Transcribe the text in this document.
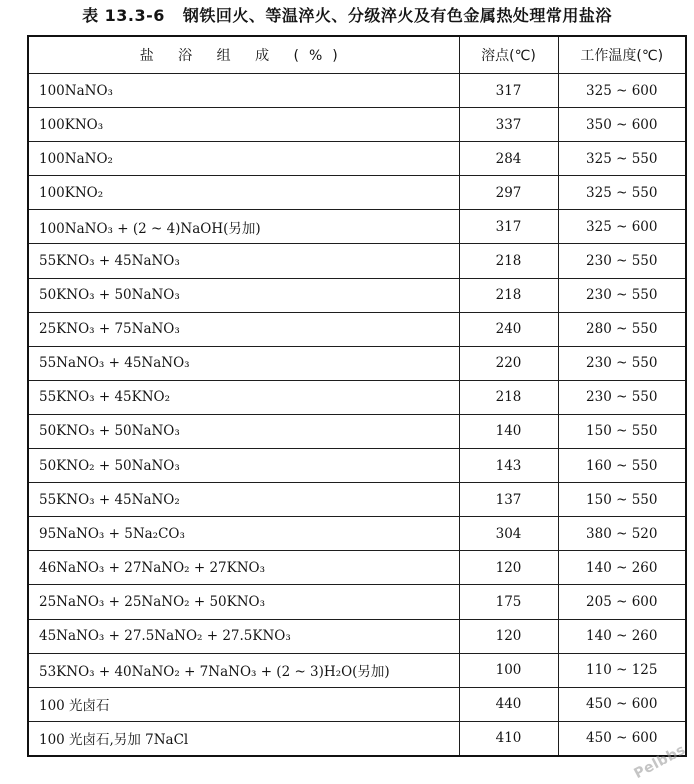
表 13.3-6 钢铁回火、等温淬火、分级淬火及有色金属热处理常用盐浴
盐 浴 组 成 (%)	溶点(℃)	工作温度(℃)
100NaNO₃	317	325 ~ 600
100KNO₃	337	350 ~ 600
100NaNO₂	284	325 ~ 550
100KNO₂	297	325 ~ 550
100NaNO₃ + (2 ~ 4)NaOH(另加)	317	325 ~ 600
55KNO₃ + 45NaNO₃	218	230 ~ 550
50KNO₃ + 50NaNO₃	218	230 ~ 550
25KNO₃ + 75NaNO₃	240	280 ~ 550
55NaNO₃ + 45NaNO₃	220	230 ~ 550
55KNO₃ + 45KNO₂	218	230 ~ 550
50KNO₃ + 50NaNO₃	140	150 ~ 550
50KNO₂ + 50NaNO₃	143	160 ~ 550
55KNO₃ + 45NaNO₂	137	150 ~ 550
95NaNO₃ + 5Na₂CO₃	304	380 ~ 520
46NaNO₃ + 27NaNO₂ + 27KNO₃	120	140 ~ 260
25NaNO₃ + 25NaNO₂ + 50KNO₃	175	205 ~ 600
45NaNO₃ + 27.5NaNO₂ + 27.5KNO₃	120	140 ~ 260
53KNO₃ + 40NaNO₂ + 7NaNO₃ + (2 ~ 3)H₂O(另加)	100	110 ~ 125
100 光卤石	440	450 ~ 600
100 光卤石,另加 7NaCl	410	450 ~ 600
Pelbbs
